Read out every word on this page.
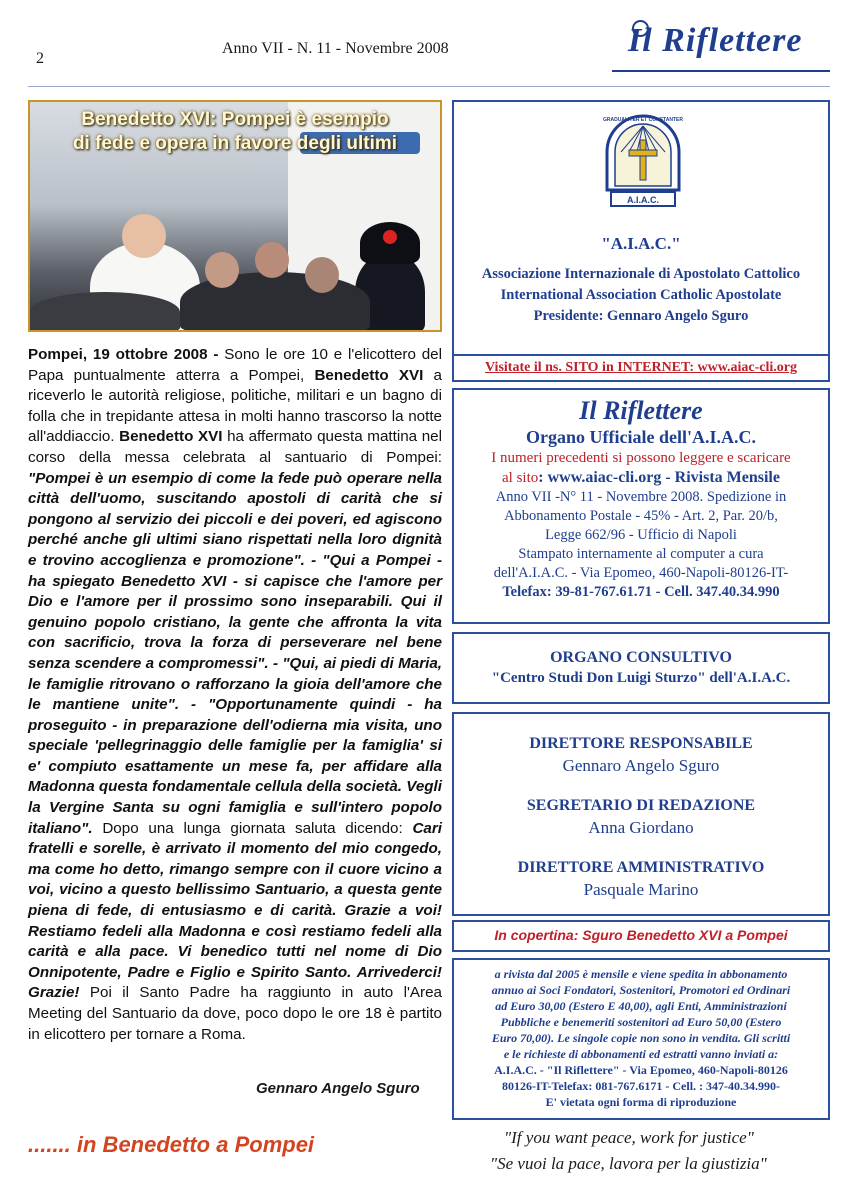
2
Anno VII - N. 11 - Novembre 2008	Il Riflettere
Benedetto XVI: Pompei è esempio
di fede e opera in favore degli ultimi
Pompei, 19 ottobre 2008 - Sono le ore 10 e l'elicottero del Papa puntualmente atterra a Pompei, Benedetto XVI a riceverlo le autorità religiose, politiche, militari e un bagno di folla che in trepidante attesa in molti hanno trascorso la notte all'addiaccio. Benedetto XVI ha affermato questa mattina nel corso della messa celebrata al santuario di Pompei: "Pompei è un esempio di come la fede può operare nella città dell'uomo, suscitando apostoli di carità che si pongono al servizio dei piccoli e dei poveri, ed agiscono perché anche gli ultimi siano rispettati nella loro dignità e trovino accoglienza e promozione". - "Qui a Pompei - ha spiegato Benedetto XVI - si capisce che l'amore per Dio e l'amore per il prossimo sono inseparabili. Qui il genuino popolo cristiano, la gente che affronta la vita con sacrificio, trova la forza di perseverare nel bene senza scendere a compromessi". - "Qui, ai piedi di Maria, le famiglie ritrovano o rafforzano la gioia dell'amore che le mantiene unite". - "Opportunamente quindi - ha proseguito - in preparazione dell'odierna mia visita, uno speciale 'pellegrinaggio delle famiglie per la famiglia' si e' compiuto esattamente un mese fa, per affidare alla Madonna questa fondamentale cellula della società. Vegli la Vergine Santa su ogni famiglia e sull'intero popolo italiano". Dopo una lunga giornata saluta dicendo: Cari fratelli e sorelle, è arrivato il momento del mio congedo, ma come ho detto, rimango sempre con il cuore vicino a voi, vicino a questo bellissimo Santuario, a questa gente piena di fede, di entusiasmo e di carità. Grazie a voi! Restiamo fedeli alla Madonna e così restiamo fedeli alla carità e alla pace. Vi benedico tutti nel nome di Dio Onnipotente, Padre e Figlio e Spirito Santo. Arrivederci! Grazie! Poi il Santo Padre ha raggiunto in auto l'Area Meeting del Santuario da dove, poco dopo le ore 18 è partito in elicottero per tornare a Roma.
Gennaro Angelo Sguro
A.I.A.C.
GRADUALITER ET CONSTANTER
"A.I.A.C."
Associazione Internazionale di Apostolato Cattolico
International Association Catholic Apostolate
Presidente: Gennaro Angelo Sguro
Visitate il ns. SITO in INTERNET: www.aiac-cli.org
Il Riflettere
Organo Ufficiale dell'A.I.A.C.
I numeri precedenti si possono leggere e scaricare
al sito: www.aiac-cli.org - Rivista Mensile
Anno VII -N° 11 - Novembre 2008. Spedizione in
Abbonamento Postale - 45% - Art. 2, Par. 20/b,
Legge 662/96 - Ufficio di Napoli
Stampato internamente al computer a cura
dell'A.I.A.C. - Via Epomeo, 460-Napoli-80126-IT-
Telefax: 39-81-767.61.71 - Cell. 347.40.34.990
ORGANO CONSULTIVO
"Centro Studi Don Luigi Sturzo" dell'A.I.A.C.
DIRETTORE RESPONSABILE
Gennaro Angelo Sguro
SEGRETARIO DI REDAZIONE
Anna Giordano
DIRETTORE AMMINISTRATIVO
Pasquale Marino
In copertina: Sguro Benedetto XVI a Pompei
a rivista dal 2005 è mensile e viene spedita in abbonamento
annuo ai Soci Fondatori, Sostenitori, Promotori ed Ordinari
ad Euro 30,00 (Estero E 40,00), agli Enti, Amministrazioni
Pubbliche e benemeriti sostenitori ad Euro 50,00 (Estero
Euro 70,00). Le singole copie non sono in vendita. Gli scritti
e le richieste di abbonamenti ed estratti vanno inviati a:
A.I.A.C. - "Il Riflettere" - Via Epomeo, 460-Napoli-80126
80126-IT-Telefax: 081-767.6171 - Cell. : 347-40.34.990-
E' vietata ogni forma di riproduzione
....... in Benedetto a Pompei	"If you want peace, work for justice"
"Se vuoi la pace, lavora per la giustizia"
